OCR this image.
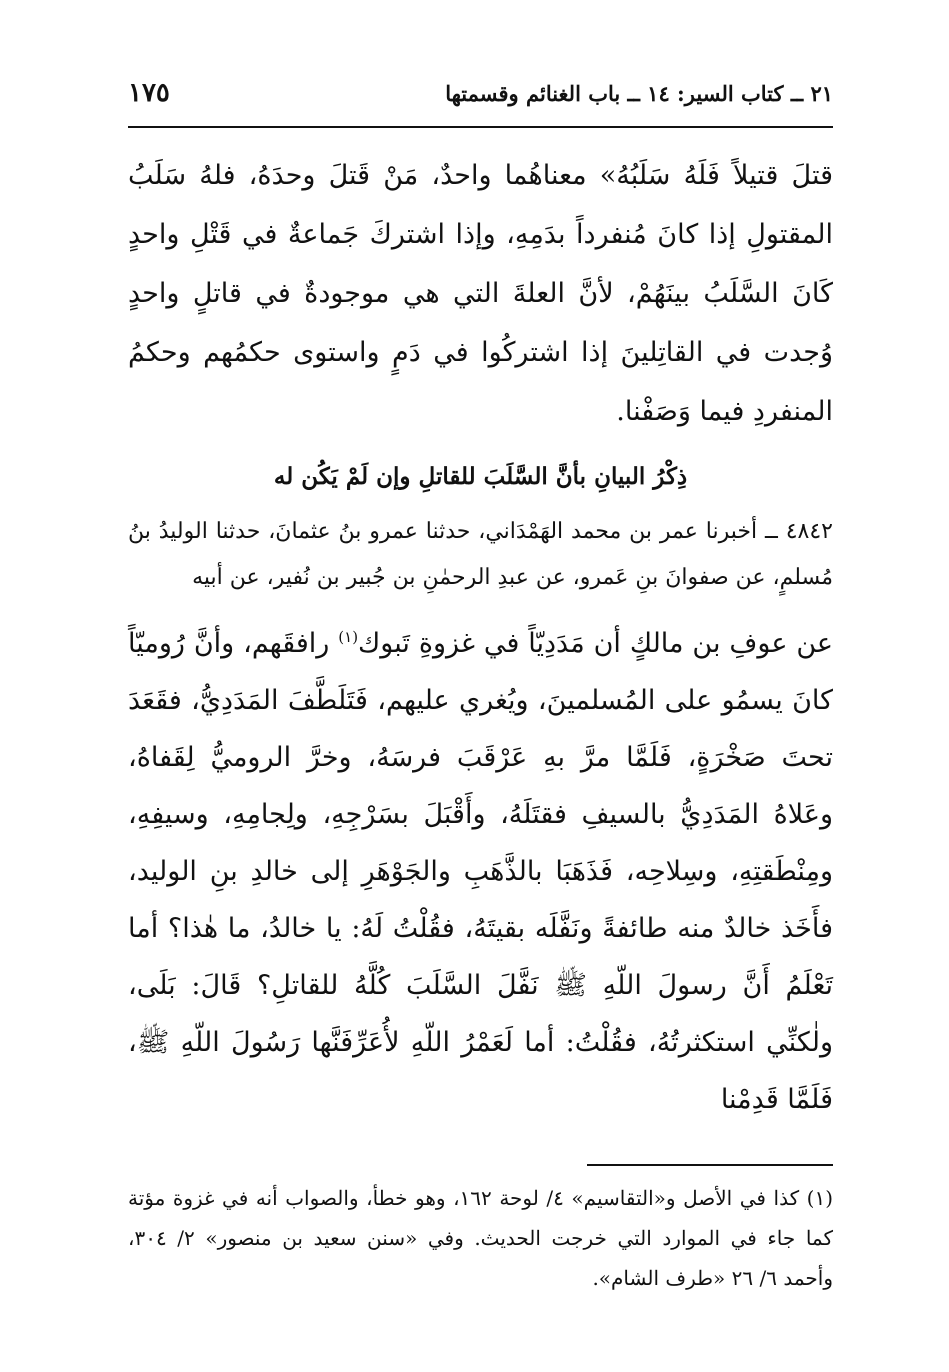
٢١ ــ كتاب السير: ١٤ ــ باب الغنائم وقسمتها
١٧٥

قتلَ قتيلاً فَلَهُ سَلَبُهُ» معناهُما واحدٌ، مَنْ قَتلَ وحدَهُ، فلهُ سَلَبُ المقتولِ إذا كانَ مُنفرداً بدَمِهِ، وإذا اشتركَ جَماعةٌ في قَتْلِ واحدٍ كَانَ السَّلَبُ بينَهُمْ، لأنَّ العلةَ التي هي موجودةٌ في قاتلٍ واحدٍ وُجدت في القاتِلينَ إذا اشتركُوا في دَمٍ واستوى حكمُهم وحكمُ المنفردِ فيما وَصَفْنا.

ذِكْرُ البيانِ بأنَّ السَّلَبَ للقاتلِ وإن لَمْ يَكُن له

٤٨٤٢ ــ أخبرنا عمر بن محمد الهَمْدَاني، حدثنا عمرو بنُ عثمانَ، حدثنا الوليدُ بنُ مُسلمٍ، عن صفوانَ بنِ عَمرو، عن عبدِ الرحمٰنِ بن جُبير بن نُفير، عن أبيه

عن عوفِ بن مالكٍ أن مَدَدِيّاً في غزوةِ تَبوك$^{(١)}$ رافقَهم، وأنَّ رُوميّاً كانَ يسمُو على المُسلمينَ، ويُغري عليهم، فَتَلَطَّفَ المَدَدِيُّ، فقَعَدَ تحتَ صَخْرَةٍ، فَلَمَّا مرَّ بهِ عَرْقَبَ فرسَهُ، وخرَّ الروميُّ لِقَفاهُ، وعَلاهُ المَدَدِيُّ بالسيفِ فقتَلَهُ، وأَقْبَلَ بسَرْجِهِ، ولِجامِهِ، وسيفِهِ، ومِنْطَقتِهِ، وسِلاحِه، فَذَهَبَا بالذَّهَبِ والجَوْهَرِ إلى خالدِ بنِ الوليد، فأَخَذ خالدٌ منه طائفةً ونَفَّلَه بقيتَهُ، فقُلْتُ لَهُ: يا خالدُ، ما هٰذا؟ أما تَعْلَمُ أَنَّ رسولَ اللّهِ ﷺ نَفَّلَ السَّلَبَ كُلَّهُ للقاتلِ؟ قَالَ: بَلَى، ولٰكنِّي استكثرتُهُ، فقُلْتُ: أما لَعَمْرُ اللّهِ لأُعَرِّفَنَّها رَسُولَ اللّهِ ﷺ، فَلَمَّا قَدِمْنا

(١) كذا في الأصل و«التقاسيم» ٤/ لوحة ١٦٢، وهو خطأ، والصواب أنه في غزوة مؤتة كما جاء في الموارد التي خرجت الحديث. وفي «سنن سعيد بن منصور» ٢/ ٣٠٤، وأحمد ٦/ ٢٦ «طرف الشام».
